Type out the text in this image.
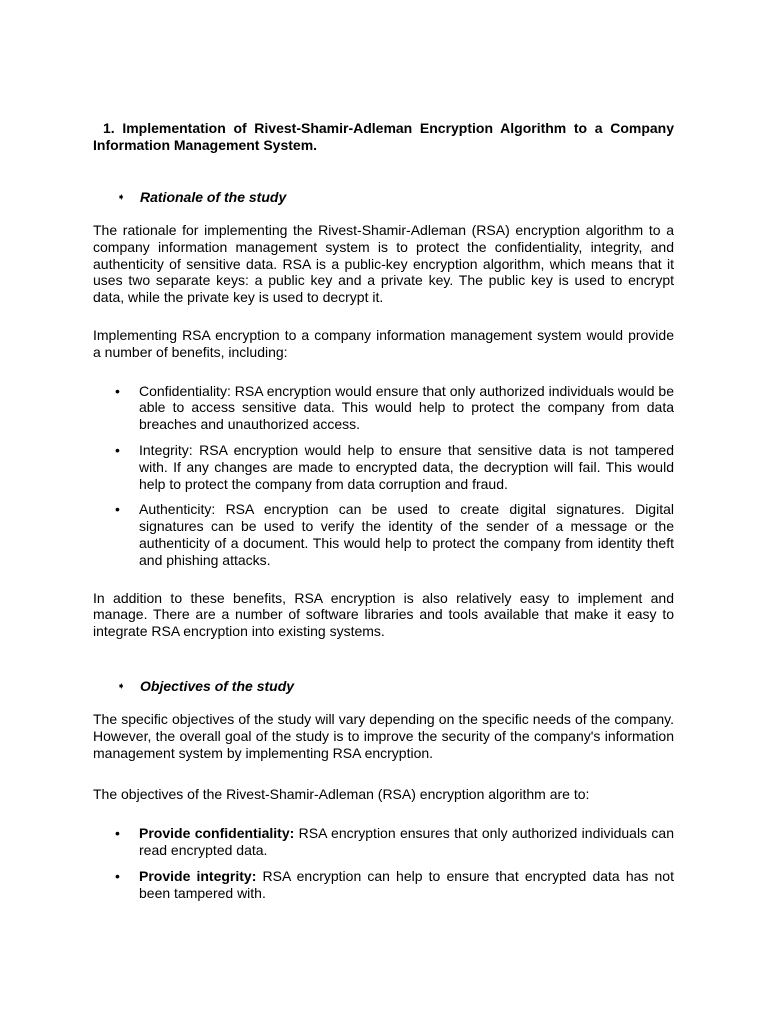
1. Implementation of Rivest-Shamir-Adleman Encryption Algorithm to a Company Information Management System.

➧	Rationale of the study

The rationale for implementing the Rivest-Shamir-Adleman (RSA) encryption algorithm to a company information management system is to protect the confidentiality, integrity, and authenticity of sensitive data. RSA is a public-key encryption algorithm, which means that it uses two separate keys: a public key and a private key. The public key is used to encrypt data, while the private key is used to decrypt it.

Implementing RSA encryption to a company information management system would provide a number of benefits, including:

• Confidentiality: RSA encryption would ensure that only authorized individuals would be able to access sensitive data. This would help to protect the company from data breaches and unauthorized access.
• Integrity: RSA encryption would help to ensure that sensitive data is not tampered with. If any changes are made to encrypted data, the decryption will fail. This would help to protect the company from data corruption and fraud.
• Authenticity: RSA encryption can be used to create digital signatures. Digital signatures can be used to verify the identity of the sender of a message or the authenticity of a document. This would help to protect the company from identity theft and phishing attacks.

In addition to these benefits, RSA encryption is also relatively easy to implement and manage. There are a number of software libraries and tools available that make it easy to integrate RSA encryption into existing systems.

➧	Objectives of the study

The specific objectives of the study will vary depending on the specific needs of the company. However, the overall goal of the study is to improve the security of the company's information management system by implementing RSA encryption.

The objectives of the Rivest-Shamir-Adleman (RSA) encryption algorithm are to:

• Provide confidentiality: RSA encryption ensures that only authorized individuals can read encrypted data.
• Provide integrity: RSA encryption can help to ensure that encrypted data has not been tampered with.
